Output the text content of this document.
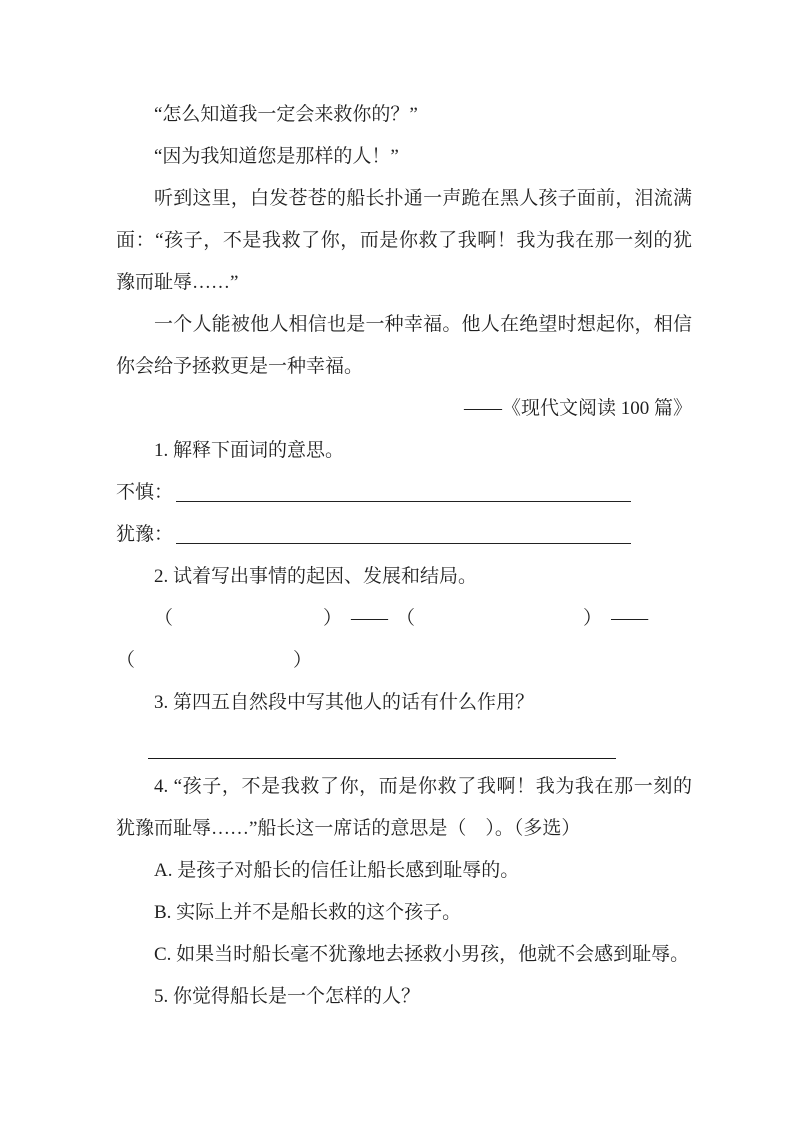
“怎么知道我一定会来救你的？”

“因为我知道您是那样的人！”

听到这里，白发苍苍的船长扑通一声跪在黑人孩子面前，泪流满面：“孩子，不是我救了你，而是你救了我啊！我为我在那一刻的犹豫而耻辱……”

一个人能被他人相信也是一种幸福。他人在绝望时想起你，相信你会给予拯救更是一种幸福。

——《现代文阅读 100 篇》

1. 解释下面词的意思。

不慎：
犹豫：

2. 试着写出事情的起因、发展和结局。

（	） —— （	） ——
（	）

3. 第四五自然段中写其他人的话有什么作用？

4. “孩子，不是我救了你，而是你救了我啊！我为我在那一刻的犹豫而耻辱……”船长这一席话的意思是（　）。（多选）

A. 是孩子对船长的信任让船长感到耻辱的。

B. 实际上并不是船长救的这个孩子。

C. 如果当时船长毫不犹豫地去拯救小男孩，他就不会感到耻辱。

5. 你觉得船长是一个怎样的人？
